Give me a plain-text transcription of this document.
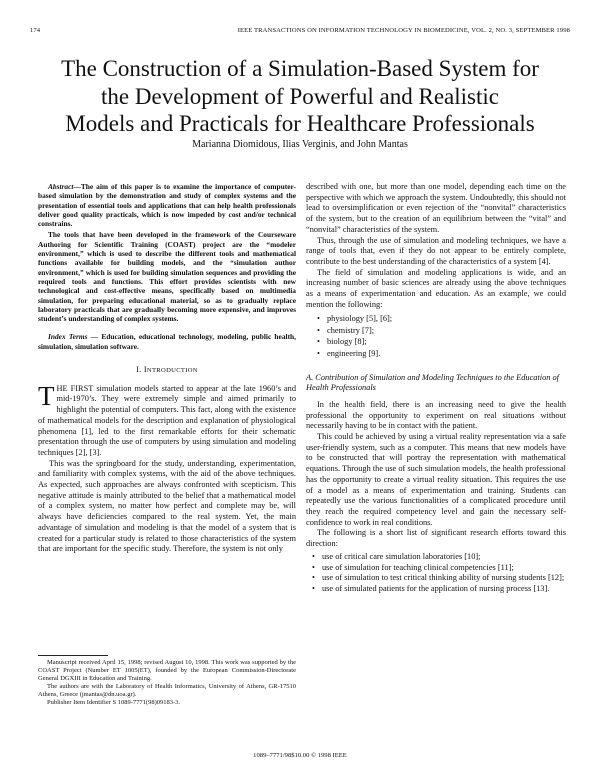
174	IEEE TRANSACTIONS ON INFORMATION TECHNOLOGY IN BIOMEDICINE, VOL. 2, NO. 3, SEPTEMBER 1998
The Construction of a Simulation-Based System for
the Development of Powerful and Realistic
Models and Practicals for Healthcare Professionals
Marianna Diomidous, Ilias Verginis, and John Mantas

Abstract—The aim of this paper is to examine the importance of computer-based simulation by the demonstration and study of complex systems and the presentation of essential tools and applications that can help health professionals deliver good quality practicals, which is now impeded by cost and/or technical constrains.

The tools that have been developed in the framework of the Courseware Authoring for Scientific Training (COAST) project are the “modeler environment,” which is used to describe the different tools and mathematical functions available for building models, and the “simulation author environment,” which is used for building simulation sequences and providing the required tools and functions. This effort provides scientists with new technological and cost-effective means, specifically based on multimedia simulation, for preparing educational material, so as to gradually replace laboratory practicals that are gradually becoming more expensive, and improves student’s understanding of complex systems.

Index Terms — Education, educational technology, modeling, public health, simulation, simulation software.

I. INTRODUCTION

THE FIRST simulation models started to appear at the late 1960’s and mid-1970’s. They were extremely simple and aimed primarily to highlight the potential of computers. This fact, along with the existence of mathematical models for the description and explanation of physiological phenomena [1], led to the first remarkable efforts for their schematic presentation through the use of computers by using simulation and modeling techniques [2], [3].

This was the springboard for the study, understanding, experimentation, and familiarity with complex systems, with the aid of the above techniques. As expected, such approaches are always confronted with scepticism. This negative attitude is mainly attributed to the belief that a mathematical model of a complex system, no matter how perfect and complete may be, will always have deficiencies compared to the real system. Yet, the main advantage of simulation and modeling is that the model of a system that is created for a particular study is related to those characteristics of the system that are important for the specific study. Therefore, the system is not only

Manuscript received April 15, 1998; revised August 10, 1998. This work was supported by the COAST Project (Number ET 1005(ET), founded by the European Commission-Directorate General DGXIII in Education and Training.

The authors are with the Laboratory of Health Informatics, University of Athens, GR-17510 Athens, Greece (jmantas@dn.uoa.gr).

Publisher Item Identifier S 1089-7771(98)09183-3.

described with one, but more than one model, depending each time on the perspective with which we approach the system. Undoubtedly, this should not lead to oversimplification or even rejection of the “nonvital” characteristics of the system, but to the creation of an equilibrium between the “vital” and “nonvital” characteristics of the system.

Thus, through the use of simulation and modeling techniques, we have a range of tools that, even if they do not appear to be entirely complete, contribute to the best understanding of the characteristics of a system [4].

The field of simulation and modeling applications is wide, and an increasing number of basic sciences are already using the above techniques as a means of experimentation and education. As an example, we could mention the following:

• physiology [5], [6];
• chemistry [7];
• biology [8];
• engineering [9].
A. Contribution of Simulation and Modeling Techniques to the Education of Health Professionals

In the health field, there is an increasing need to give the health professional the opportunity to experiment on real situations without necessarily having to be in contact with the patient.

This could be achieved by using a virtual reality representation via a safe user-friendly system, such as a computer. This means that new models have to be constructed that will portray the representation with mathematical equations. Through the use of such simulation models, the health professional has the opportunity to create a virtual reality situation. This requires the use of a model as a means of experimentation and training. Students can repeatedly use the various functionalities of a complicated procedure until they reach the required competency level and gain the necessary self-confidence to work in real conditions.

The following is a short list of significant research efforts toward this direction:

• use of critical care simulation laboratories [10];
• use of simulation for teaching clinical competencies [11];
• use of simulation to test critical thinking ability of nursing students [12];
• use of simulated patients for the application of nursing process [13].
1089–7771/98$10.00 © 1998 IEEE
